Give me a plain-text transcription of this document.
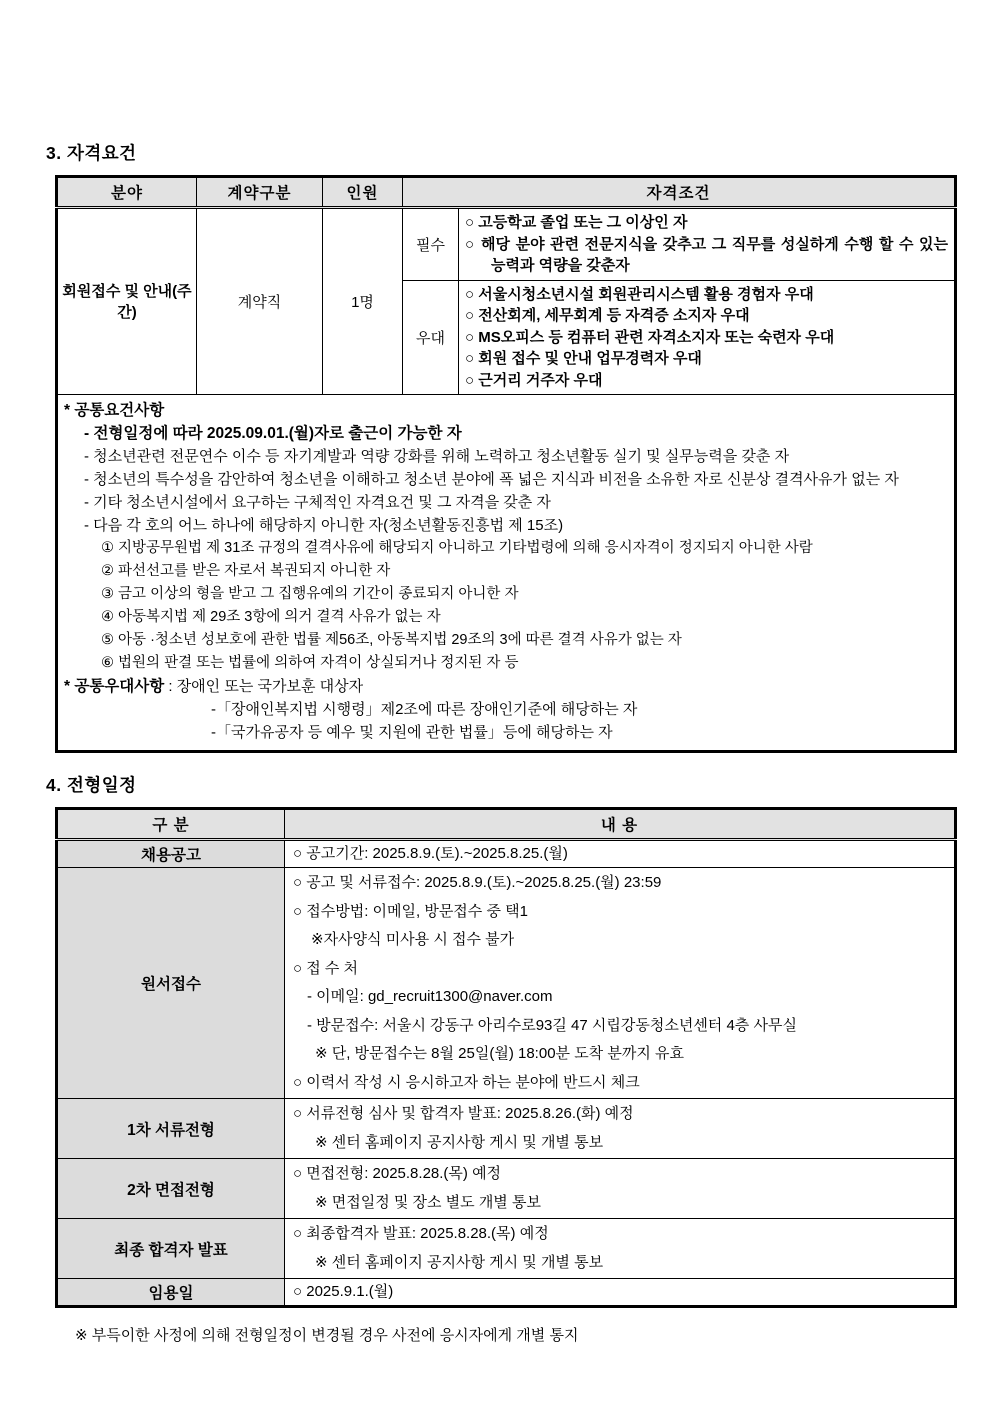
3. 자격요건
분야	계약구분	인원	자격조건	
회원접수 및 안내(주간)	계약직	1명	필수	○ 고등학교 졸업 또는 그 이상인 자
○ 해당 분야 관련 전문지식을 갖추고 그 직무를 성실하게 수행 할 수 있는 능력과 역량을 갖춘자

			우대	○ 서울시청소년시설 회원관리시스템 활용 경험자 우대
○ 전산회계, 세무회계 등 자격증 소지자 우대
○ MS오피스 등 컴퓨터 관련 자격소지자 또는 숙련자 우대
○ 회원 접수 및 안내 업무경력자 우대
○ 근거리 거주자 우대

* 공통요건사항
- 전형일정에 따라 2025.09.01.(월)자로 출근이 가능한 자
- 청소년관련 전문연수 이수 등 자기계발과 역량 강화를 위해 노력하고 청소년활동 실기 및 실무능력을 갖춘 자
- 청소년의 특수성을 감안하여 청소년을 이해하고 청소년 분야에 폭 넓은 지식과 비전을 소유한 자로 신분상 결격사유가 없는 자
- 기타 청소년시설에서 요구하는 구체적인 자격요건 및 그 자격을 갖춘 자
- 다음 각 호의 어느 하나에 해당하지 아니한 자(청소년활동진흥법 제 15조)
① 지방공무원법 제 31조 규정의 결격사유에 해당되지 아니하고 기타법령에 의해 응시자격이 정지되지 아니한 사람
② 파선선고를 받은 자로서 복권되지 아니한 자
③ 금고 이상의 형을 받고 그 집행유예의 기간이 종료되지 아니한 자
④ 아동복지법 제 29조 3항에 의거 결격 사유가 없는 자
⑤ 아동 ·청소년 성보호에 관한 법률 제56조, 아동복지법 29조의 3에 따른 결격 사유가 없는 자
⑥ 법원의 판결 또는 법률에 의하여 자격이 상실되거나 정지된 자 등
* 공통우대사항 : 장애인 또는 국가보훈 대상자
-「장애인복지법 시행령」제2조에 따른 장애인기준에 해당하는 자
-「국가유공자 등 예우 및 지원에 관한 법률」등에 해당하는 자
4. 전형일정
구 분	내 용
채용공고	○ 공고기간: 2025.8.9.(토).~2025.8.25.(월)

원서접수	
○ 공고 및 서류접수: 2025.8.9.(토).~2025.8.25.(월) 23:59
○ 접수방법: 이메일, 방문접수 중 택1
※자사양식 미사용 시 접수 불가
○ 접 수 처
- 이메일: gd_recruit1300@naver.com
- 방문접수: 서울시 강동구 아리수로93길 47 시립강동청소년센터 4층 사무실
※ 단, 방문접수는 8월 25일(월) 18:00분 도착 분까지 유효
○ 이력서 작성 시 응시하고자 하는 분야에 반드시 체크

1차 서류전형	○ 서류전형 심사 및 합격자 발표: 2025.8.26.(화) 예정
※ 센터 홈페이지 공지사항 게시 및 개별 통보

2차 면접전형	○ 면접전형: 2025.8.28.(목) 예정
※ 면접일정 및 장소 별도 개별 통보

최종 합격자 발표	○ 최종합격자 발표: 2025.8.28.(목) 예정
※ 센터 홈페이지 공지사항 게시 및 개별 통보

임용일	○ 2025.9.1.(월)
※ 부득이한 사정에 의해 전형일정이 변경될 경우 사전에 응시자에게 개별 통지
